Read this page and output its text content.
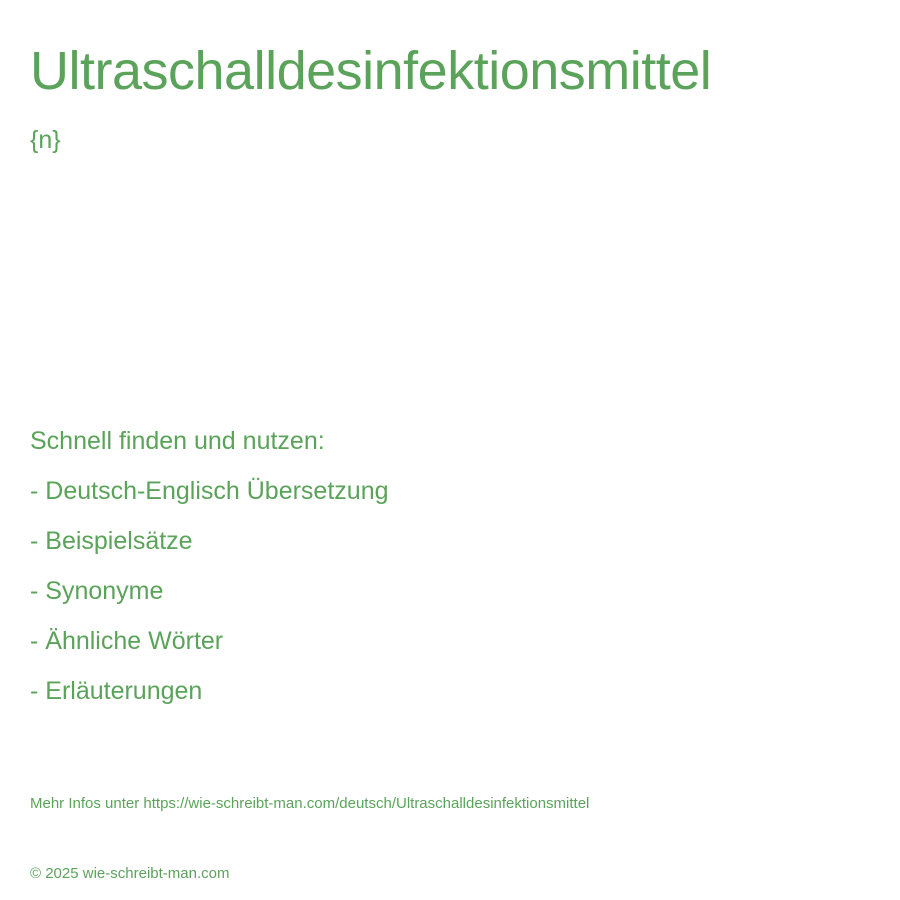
Ultraschalldesinfektionsmittel
{n}
Schnell finden und nutzen:
- Deutsch-Englisch Übersetzung
- Beispielsätze
- Synonyme
- Ähnliche Wörter
- Erläuterungen
Mehr Infos unter https://wie-schreibt-man.com/deutsch/Ultraschalldesinfektionsmittel
© 2025 wie-schreibt-man.com
